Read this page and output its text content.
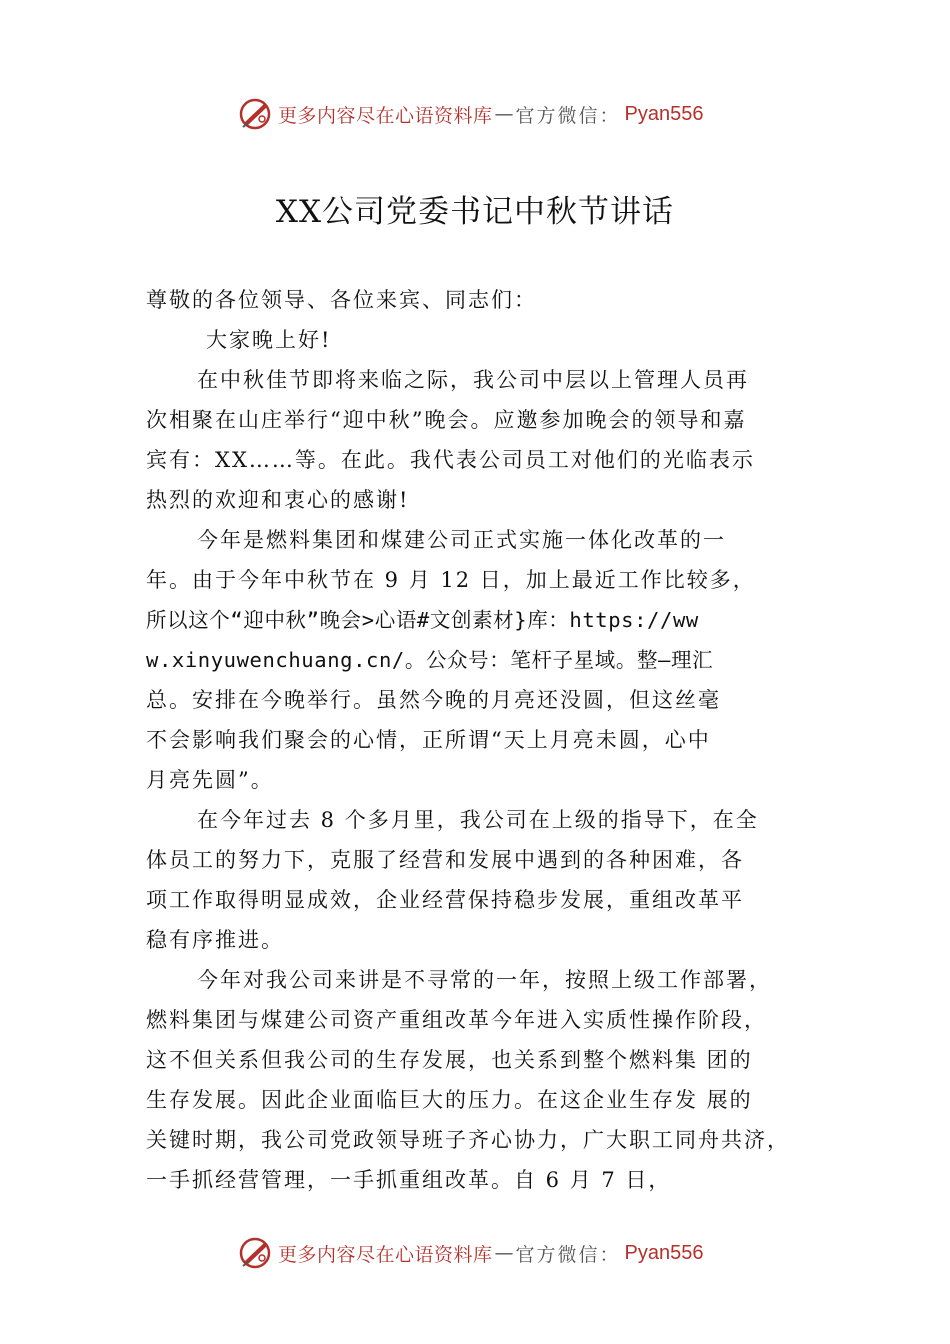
更多内容尽在心语资料库 — 官方微信： Pyan556
XX公司党委书记中秋节讲话
尊敬的各位领导、各位来宾、同志们：
大家晚上好!
在中秋佳节即将来临之际，我公司中层以上管理人员再
次相聚在山庄举行“迎中秋”晚会。应邀参加晚会的领导和嘉
宾有：XX……等。在此。我代表公司员工对他们的光临表示
热烈的欢迎和衷心的感谢!
今年是燃料集团和煤建公司正式实施一体化改革的一
年。由于今年中秋节在 9 月 12 日，加上最近工作比较多，
所以这个“迎中秋”晚会>心语#文创素材}库：https://ww
w.xinyuwenchuang.cn/。公众号：笔杆子星域。整—理汇
总。安排在今晚举行。虽然今晚的月亮还没圆，但这丝毫
不会影响我们聚会的心情，正所谓“天上月亮未圆，心中
月亮先圆”。
在今年过去 8 个多月里，我公司在上级的指导下，在全
体员工的努力下，克服了经营和发展中遇到的各种困难，各
项工作取得明显成效，企业经营保持稳步发展，重组改革平
稳有序推进。
今年对我公司来讲是不寻常的一年，按照上级工作部署，
燃料集团与煤建公司资产重组改革今年进入实质性操作阶段，
这不但关系但我公司的生存发展，也关系到整个燃料集 团的
生存发展。因此企业面临巨大的压力。在这企业生存发 展的
关键时期，我公司党政领导班子齐心协力，广大职工同舟共济，
一手抓经营管理，一手抓重组改革。自 6 月 7 日，
更多内容尽在心语资料库 — 官方微信： Pyan556
